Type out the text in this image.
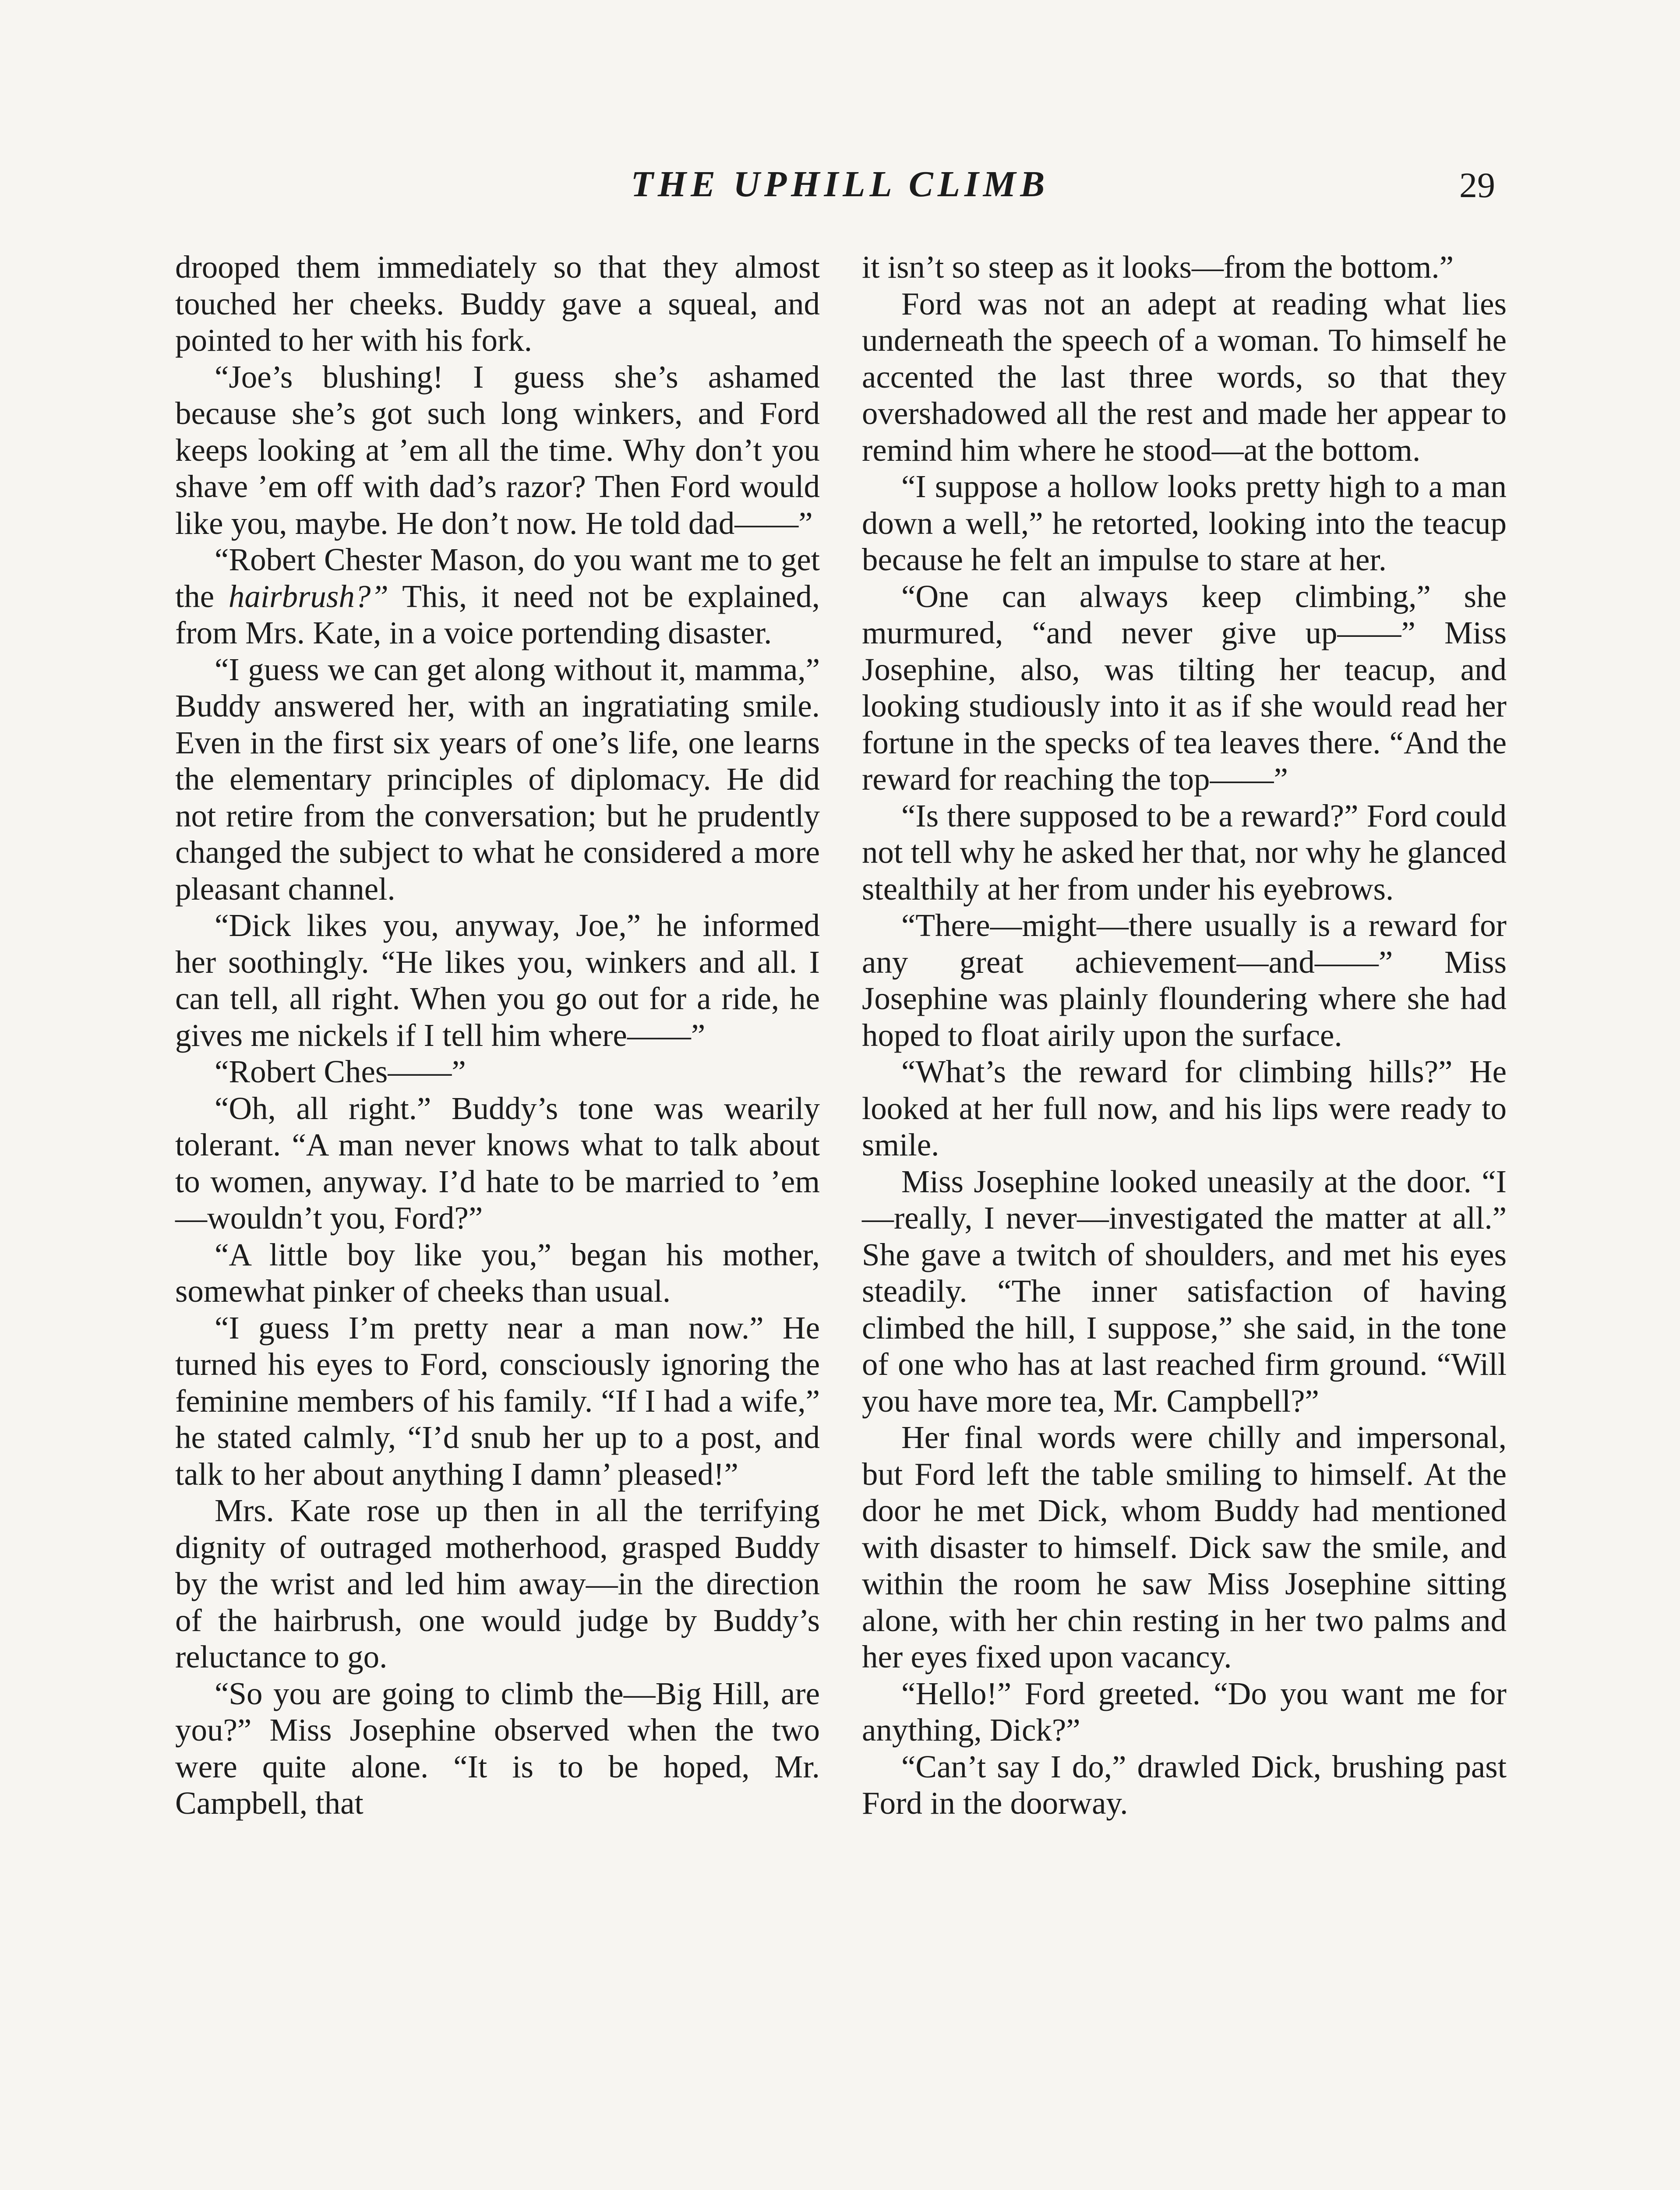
THE UPHILL CLIMB	29

drooped them immediately so that they almost touched her cheeks. Buddy gave a squeal, and pointed to her with his fork.

“Joe’s blushing! I guess she’s ashamed because she’s got such long winkers, and Ford keeps looking at ’em all the time. Why don’t you shave ’em off with dad’s razor? Then Ford would like you, maybe. He don’t now. He told dad——”

“Robert Chester Mason, do you want me to get the hairbrush?” This, it need not be explained, from Mrs. Kate, in a voice portending disaster.

“I guess we can get along without it, mamma,” Buddy answered her, with an ingratiating smile. Even in the first six years of one’s life, one learns the elementary principles of diplomacy. He did not retire from the conversation; but he prudently changed the subject to what he considered a more pleasant channel.

“Dick likes you, anyway, Joe,” he informed her soothingly. “He likes you, winkers and all. I can tell, all right. When you go out for a ride, he gives me nickels if I tell him where——”

“Robert Ches——”

“Oh, all right.” Buddy’s tone was wearily tolerant. “A man never knows what to talk about to women, anyway. I’d hate to be married to ’em—wouldn’t you, Ford?”

“A little boy like you,” began his mother, somewhat pinker of cheeks than usual.

“I guess I’m pretty near a man now.” He turned his eyes to Ford, consciously ignoring the feminine members of his family. “If I had a wife,” he stated calmly, “I’d snub her up to a post, and talk to her about anything I damn’ pleased!”

Mrs. Kate rose up then in all the terrifying dignity of outraged motherhood, grasped Buddy by the wrist and led him away—in the direction of the hairbrush, one would judge by Buddy’s reluctance to go.

“So you are going to climb the—Big Hill, are you?” Miss Josephine observed when the two were quite alone. “It is to be hoped, Mr. Campbell, that

it isn’t so steep as it looks—from the bottom.”

Ford was not an adept at reading what lies underneath the speech of a woman. To himself he accented the last three words, so that they overshadowed all the rest and made her appear to remind him where he stood—at the bottom.

“I suppose a hollow looks pretty high to a man down a well,” he retorted, looking into the teacup because he felt an impulse to stare at her.

“One can always keep climbing,” she murmured, “and never give up——” Miss Josephine, also, was tilting her teacup, and looking studiously into it as if she would read her fortune in the specks of tea leaves there. “And the reward for reaching the top——”

“Is there supposed to be a reward?” Ford could not tell why he asked her that, nor why he glanced stealthily at her from under his eyebrows.

“There—might—there usually is a reward for any great achievement—and——” Miss Josephine was plainly floundering where she had hoped to float airily upon the surface.

“What’s the reward for climbing hills?” He looked at her full now, and his lips were ready to smile.

Miss Josephine looked uneasily at the door. “I—really, I never—investigated the matter at all.” She gave a twitch of shoulders, and met his eyes steadily. “The inner satisfaction of having climbed the hill, I suppose,” she said, in the tone of one who has at last reached firm ground. “Will you have more tea, Mr. Campbell?”

Her final words were chilly and impersonal, but Ford left the table smiling to himself. At the door he met Dick, whom Buddy had mentioned with disaster to himself. Dick saw the smile, and within the room he saw Miss Josephine sitting alone, with her chin resting in her two palms and her eyes fixed upon vacancy.

“Hello!” Ford greeted. “Do you want me for anything, Dick?”

“Can’t say I do,” drawled Dick, brushing past Ford in the doorway.
